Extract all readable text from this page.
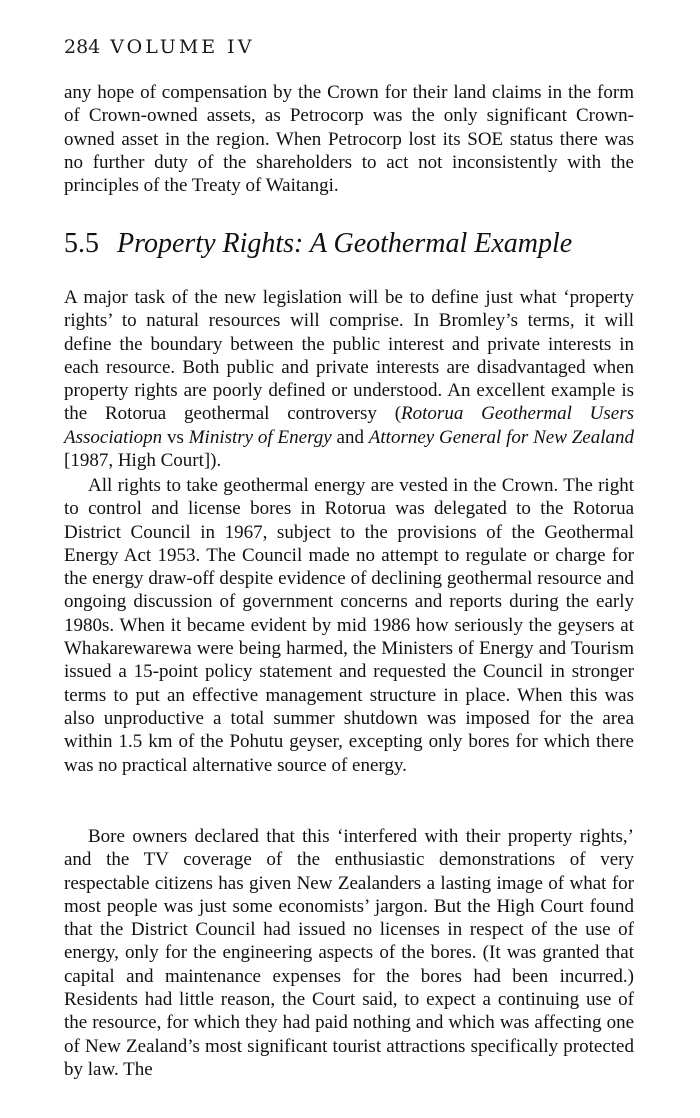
284 VOLUME IV

any hope of compensation by the Crown for their land claims in the form of Crown-owned assets, as Petrocorp was the only significant Crown-owned asset in the region. When Petrocorp lost its SOE status there was no further duty of the shareholders to act not inconsistently with the principles of the Treaty of Waitangi.

5.5 Property Rights: A Geothermal Example

A major task of the new legislation will be to define just what ‘property rights’ to natural resources will comprise. In Bromley’s terms, it will define the boundary between the public interest and private interests in each resource. Both public and private interests are disadvantaged when property rights are poorly defined or understood. An excellent example is the Rotorua geothermal controversy (Rotorua Geothermal Users Associatiopn vs Ministry of Energy and Attorney General for New Zealand [1987, High Court]).

All rights to take geothermal energy are vested in the Crown. The right to control and license bores in Rotorua was delegated to the Rotorua District Council in 1967, subject to the provisions of the Geothermal Energy Act 1953. The Council made no attempt to regulate or charge for the energy draw-off despite evidence of declining geothermal resource and ongoing discussion of government concerns and reports during the early 1980s. When it became evident by mid 1986 how seriously the geysers at Whakarewarewa were being harmed, the Ministers of Energy and Tourism issued a 15-point policy statement and requested the Council in stronger terms to put an effective management structure in place. When this was also unproductive a total summer shutdown was imposed for the area within 1.5 km of the Pohutu geyser, excepting only bores for which there was no practical alternative source of energy.

Bore owners declared that this ‘interfered with their property rights,’ and the TV coverage of the enthusiastic demonstrations of very respectable citizens has given New Zealanders a lasting image of what for most people was just some economists’ jargon. But the High Court found that the District Council had issued no licenses in respect of the use of energy, only for the engineering aspects of the bores. (It was granted that capital and maintenance expenses for the bores had been incurred.) Residents had little reason, the Court said, to expect a continuing use of the resource, for which they had paid nothing and which was affecting one of New Zealand’s most significant tourist attractions specifically protected by law. The
